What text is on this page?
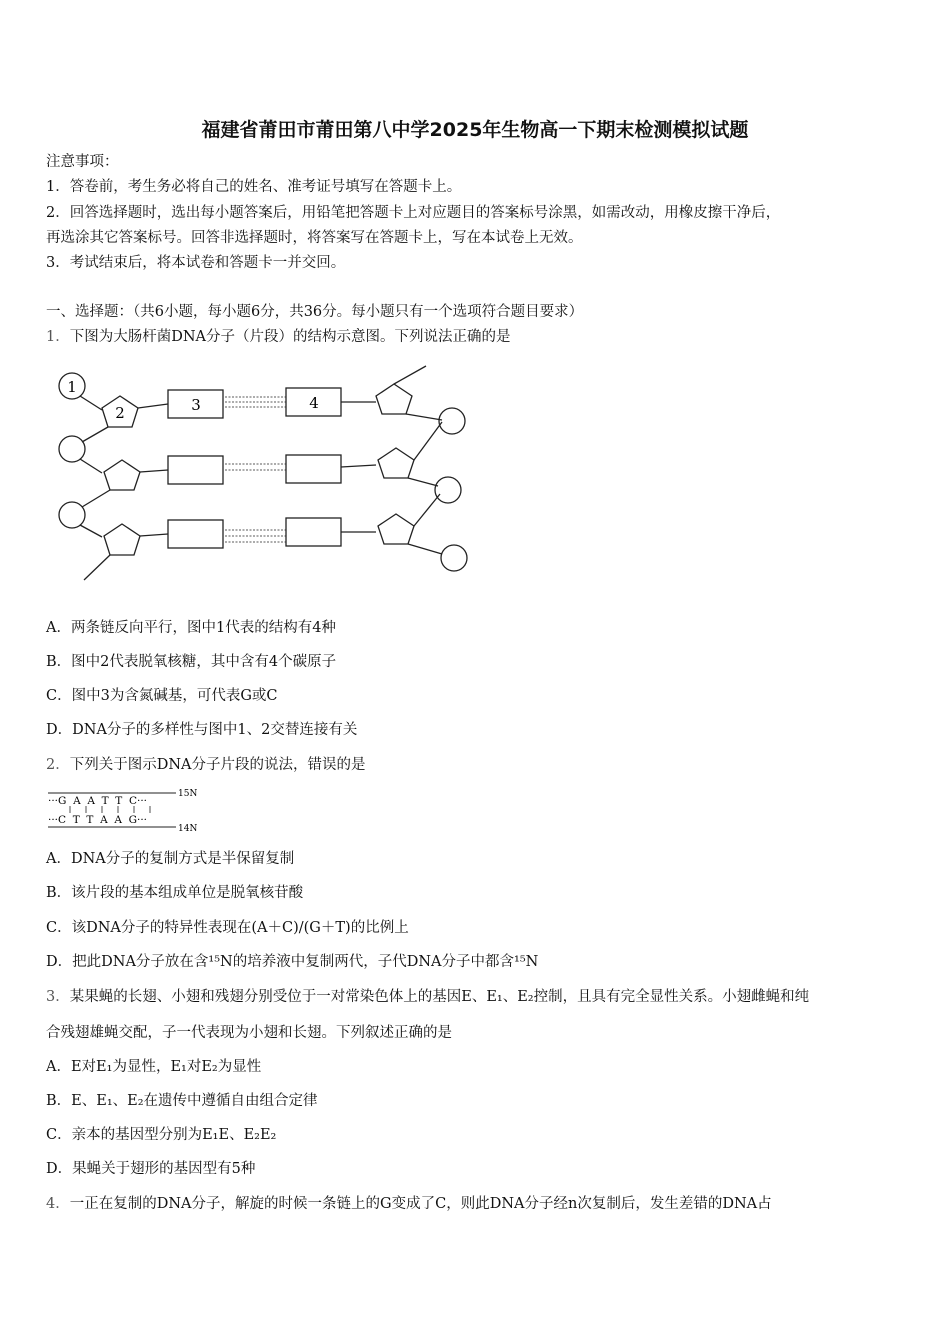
福建省莆田市莆田第八中学2025年生物高一下期末检测模拟试题
注意事项：
1．答卷前，考生务必将自己的姓名、准考证号填写在答题卡上。
2．回答选择题时，选出每小题答案后，用铅笔把答题卡上对应题目的答案标号涂黑，如需改动，用橡皮擦干净后，
再选涂其它答案标号。回答非选择题时，将答案写在答题卡上，写在本试卷上无效。
3．考试结束后，将本试卷和答题卡一并交回。
一、选择题：（共6小题，每小题6分，共36分。每小题只有一个选项符合题目要求）
1．下图为大肠杆菌DNA分子（片段）的结构示意图。下列说法正确的是
1
2	3	4
A．两条链反向平行，图中1代表的结构有4种
B．图中2代表脱氧核糖，其中含有4个碳原子
C．图中3为含氮碱基，可代表G或C
D．DNA分子的多样性与图中1、2交替连接有关
2．下列关于图示DNA分子片段的说法，错误的是
···G  A  A  T  T  C···
···C  T  T  A  A  G···
15N
14N
A．DNA分子的复制方式是半保留复制
B．该片段的基本组成单位是脱氧核苷酸
C．该DNA分子的特异性表现在(A＋C)/(G＋T)的比例上
D．把此DNA分子放在含¹⁵N的培养液中复制两代，子代DNA分子中都含¹⁵N
3．某果蝇的长翅、小翅和残翅分别受位于一对常染色体上的基因E、E₁、E₂控制，且具有完全显性关系。小翅雌蝇和纯
合残翅雄蝇交配，子一代表现为小翅和长翅。下列叙述正确的是
A．E对E₁为显性，E₁对E₂为显性
B．E、E₁、E₂在遗传中遵循自由组合定律
C．亲本的基因型分别为E₁E、E₂E₂
D．果蝇关于翅形的基因型有5种
4．一正在复制的DNA分子，解旋的时候一条链上的G变成了C，则此DNA分子经n次复制后，发生差错的DNA占
